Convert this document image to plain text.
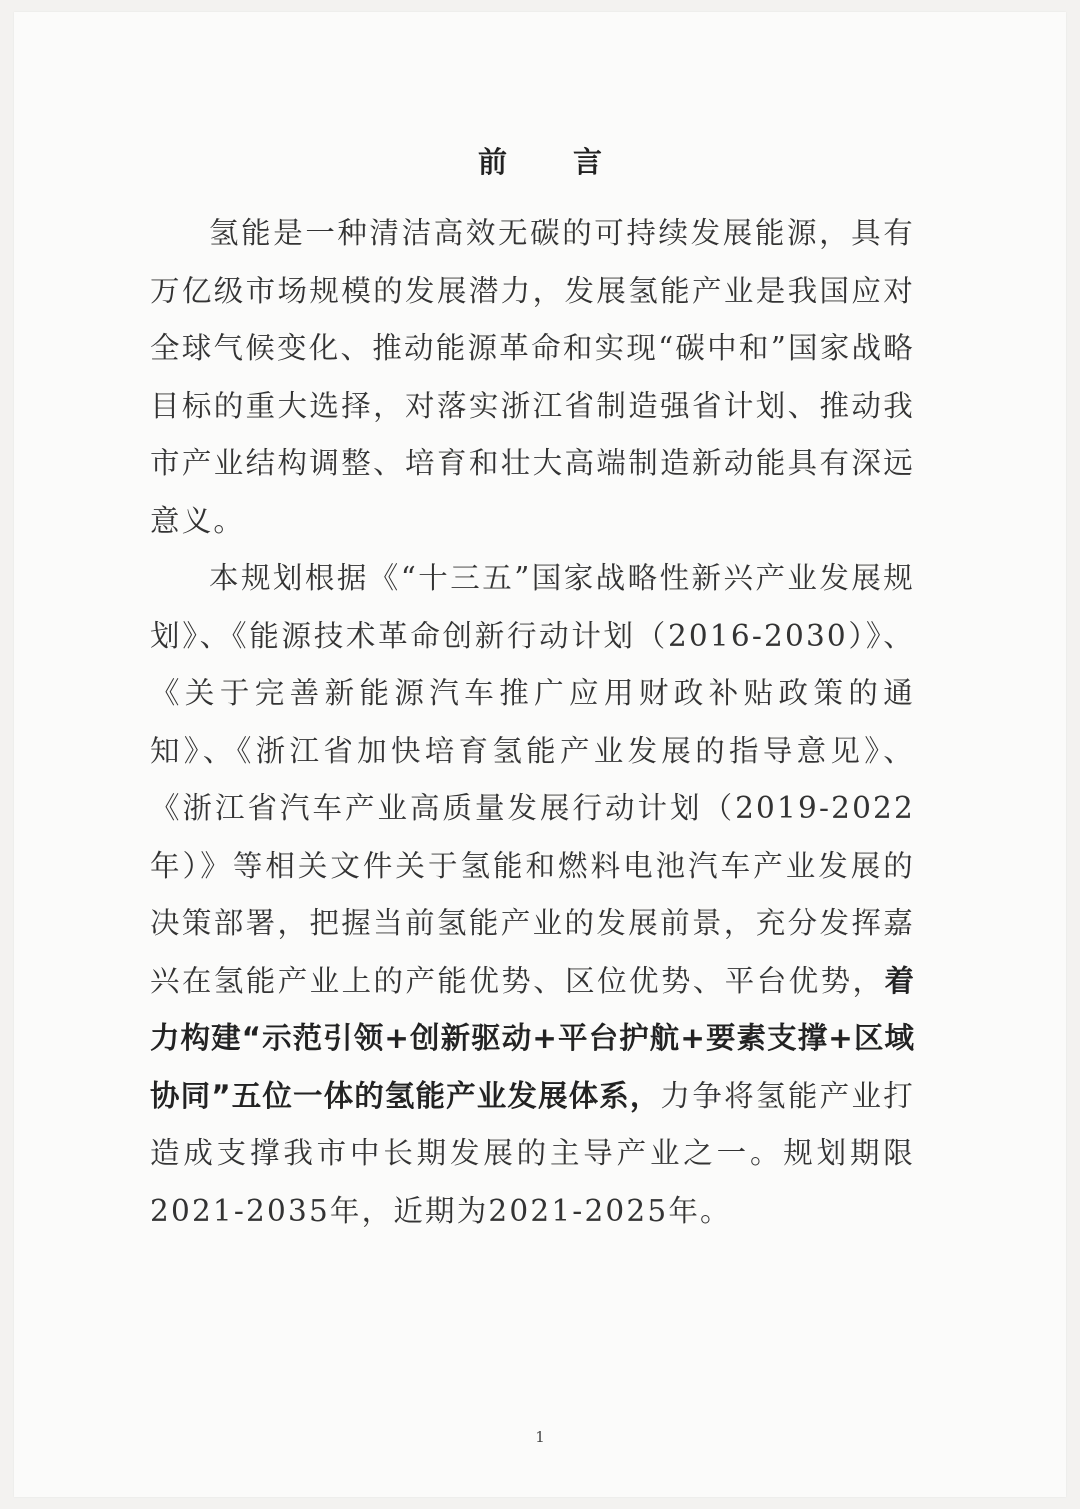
前 言

氢能是一种清洁高效无碳的可持续发展能源，具有万亿级市场规模的发展潜力，发展氢能产业是我国应对全球气候变化、推动能源革命和实现“碳中和”国家战略目标的重大选择，对落实浙江省制造强省计划、推动我市产业结构调整、培育和壮大高端制造新动能具有深远意义。

本规划根据《“十三五”国家战略性新兴产业发展规划》、《能源技术革命创新行动计划（2016-2030）》、《关于完善新能源汽车推广应用财政补贴政策的通知》、《浙江省加快培育氢能产业发展的指导意见》、《浙江省汽车产业高质量发展行动计划（2019-2022年）》等相关文件关于氢能和燃料电池汽车产业发展的决策部署，把握当前氢能产业的发展前景，充分发挥嘉兴在氢能产业上的产能优势、区位优势、平台优势，着力构建“示范引领+创新驱动+平台护航+要素支撑+区域协同”五位一体的氢能产业发展体系，力争将氢能产业打造成支撑我市中长期发展的主导产业之一。规划期限2021-2035年，近期为2021-2025年。

1
